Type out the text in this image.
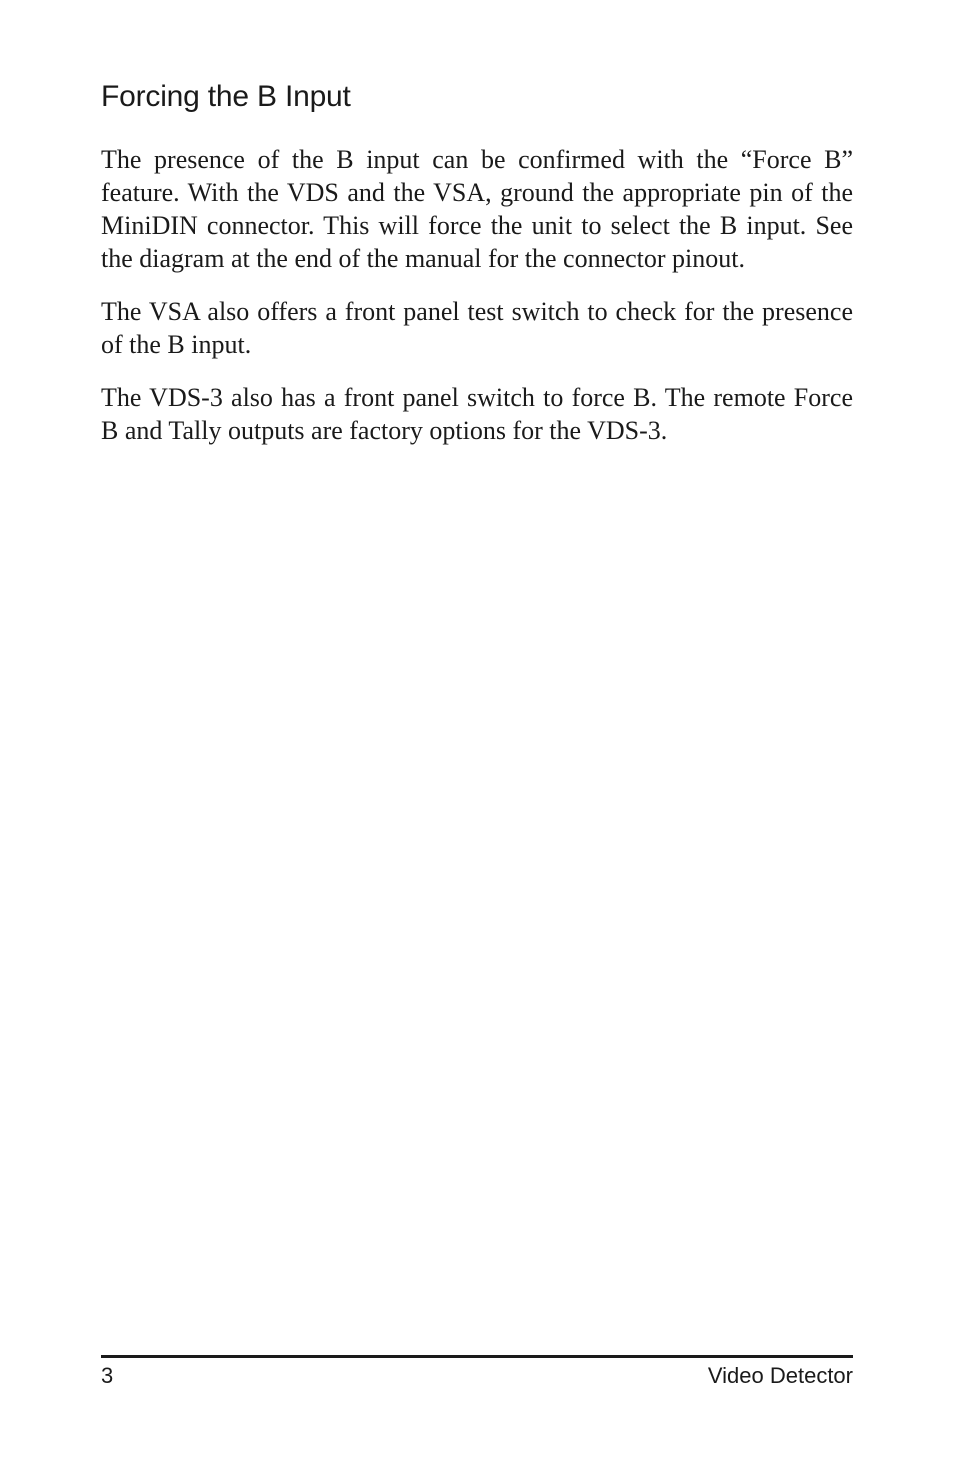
Forcing the B Input

The presence of the B input can be confirmed with the “Force B” feature. With the VDS and the VSA, ground the appropriate pin of the MiniDIN connector. This will force the unit to select the B input. See the diagram at the end of the manual for the connector pinout.

The VSA also offers a front panel test switch to check for the presence of the B input.

The VDS-3 also has a front panel switch to force B. The remote Force B and Tally outputs are factory options for the VDS-3.

3	Video Detector
